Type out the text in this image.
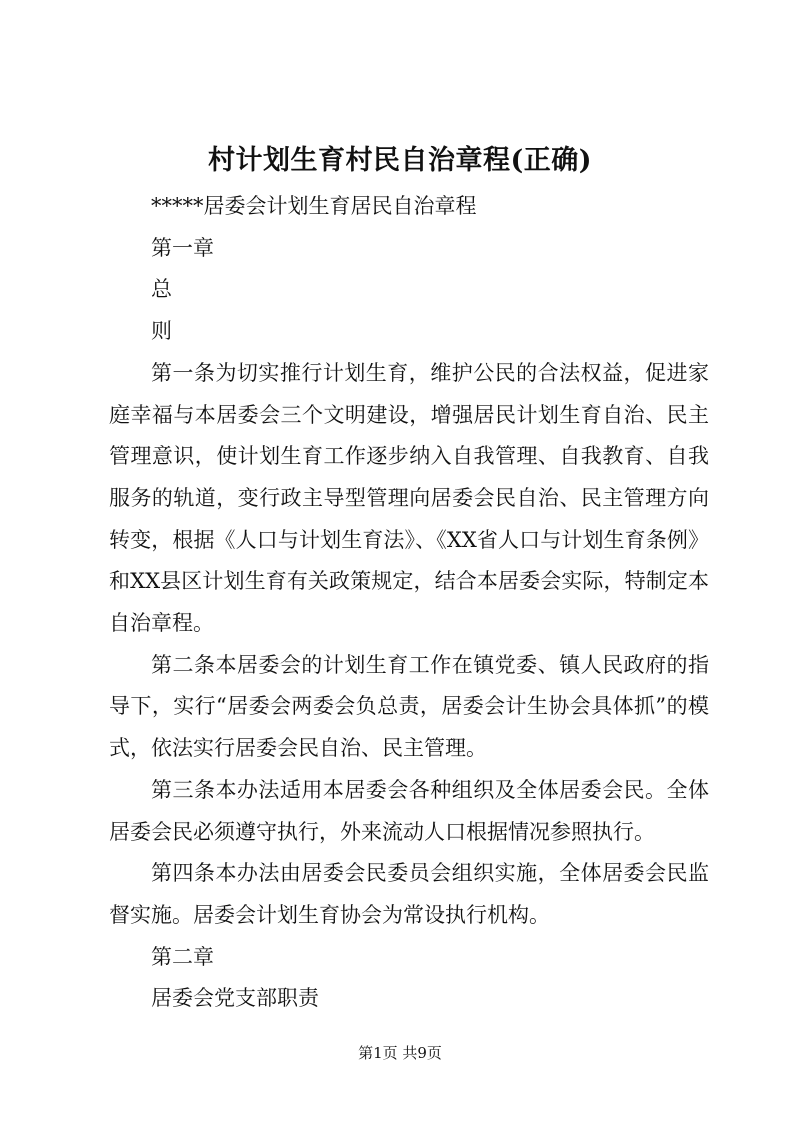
村计划生育村民自治章程(正确)

*****居委会计划生育居民自治章程

第一章

总

则

第一条为切实推行计划生育，维护公民的合法权益，促进家庭幸福与本居委会三个文明建设，增强居民计划生育自治、民主管理意识，使计划生育工作逐步纳入自我管理、自我教育、自我服务的轨道，变行政主导型管理向居委会民自治、民主管理方向转变，根据《人口与计划生育法》、《XX省人口与计划生育条例》和XX县区计划生育有关政策规定，结合本居委会实际，特制定本自治章程。

第二条本居委会的计划生育工作在镇党委、镇人民政府的指导下，实行“居委会两委会负总责，居委会计生协会具体抓”的模式，依法实行居委会民自治、民主管理。

第三条本办法适用本居委会各种组织及全体居委会民。全体居委会民必须遵守执行，外来流动人口根据情况参照执行。

第四条本办法由居委会民委员会组织实施，全体居委会民监督实施。居委会计划生育协会为常设执行机构。

第二章

居委会党支部职责

第1页 共9页
